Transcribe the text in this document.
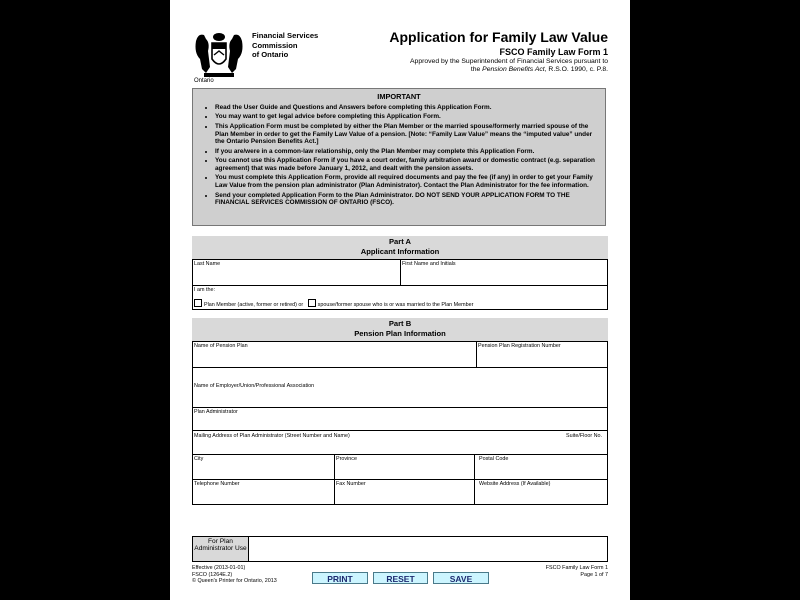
Ontario
Financial Services
Commission
of Ontario
Application for Family Law Value
FSCO Family Law Form 1
Approved by the Superintendent of Financial Services pursuant to
the Pension Benefits Act, R.S.O. 1990, c. P.8.
IMPORTANT
• Read the User Guide and Questions and Answers before completing this Application Form.
• You may want to get legal advice before completing this Application Form.
• This Application Form must be completed by either the Plan Member or the married spouse/formerly married spouse of the Plan Member in order to get the Family Law Value of a pension. [Note: “Family Law Value” means the “imputed value” under the Ontario Pension Benefits Act.]
• If you are/were in a common-law relationship, only the Plan Member may complete this Application Form.
• You cannot use this Application Form if you have a court order, family arbitration award or domestic contract (e.g. separation agreement) that was made before January 1, 2012, and dealt with the pension assets.
• You must complete this Application Form, provide all required documents and pay the fee (if any) in order to get your Family Law Value from the pension plan administrator (Plan Administrator). Contact the Plan Administrator for the fee information.
• Send your completed Application Form to the Plan Administrator. DO NOT SEND YOUR APPLICATION FORM TO THE FINANCIAL SERVICES COMMISSION OF ONTARIO (FSCO).
Part A
Applicant Information
Last Name	First Name and Initials
I am the:
Plan Member (active, former or retired) or	spouse/former spouse who is or was married to the Plan Member
Part B
Pension Plan Information
Name of Pension Plan	Pension Plan Registration Number
Name of Employer/Union/Professional Association
Plan Administrator
Mailing Address of Plan Administrator (Street Number and Name)	Suite/Floor No.
City	Province	Postal Code
Telephone Number	Fax Number	Website Address (If Available)
For Plan Administrator Use
Effective (2013-01-01)
FSCO (1264E.2)
© Queen's Printer for Ontario, 2013
FSCO Family Law Form 1
Page 1 of 7
PRINT	RESET	SAVE
